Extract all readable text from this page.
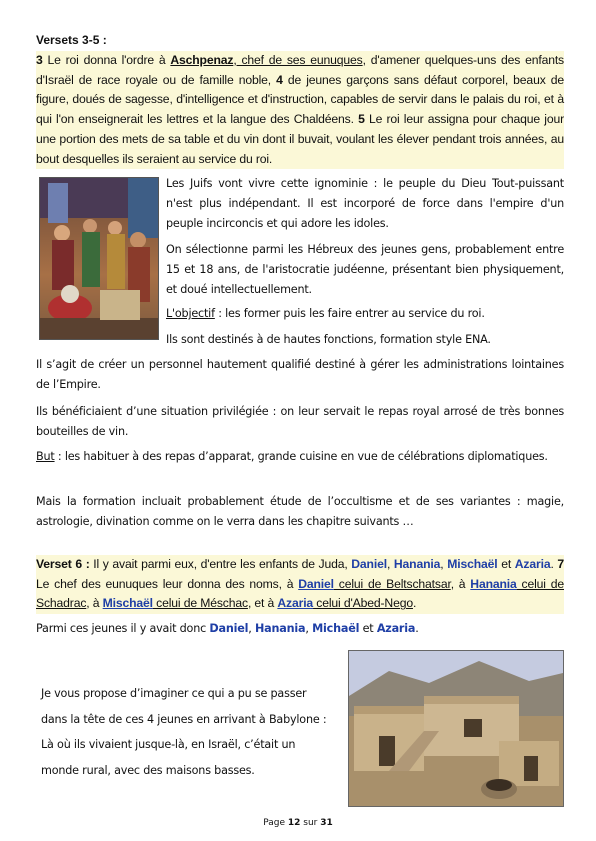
Versets 3-5 :
3 Le roi donna l'ordre à Aschpenaz, chef de ses eunuques, d'amener quelques-uns des enfants d'Israël de race royale ou de famille noble, 4 de jeunes garçons sans défaut corporel, beaux de figure, doués de sagesse, d'intelligence et d'instruction, capables de servir dans le palais du roi, et à qui l'on enseignerait les lettres et la langue des Chaldéens. 5 Le roi leur assigna pour chaque jour une portion des mets de sa table et du vin dont il buvait, voulant les élever pendant trois années, au bout desquelles ils seraient au service du roi.
Les Juifs vont vivre cette ignominie : le peuple du Dieu Tout-puissant n'est plus indépendant. Il est incorporé de force dans l'empire d'un peuple incirconcis et qui adore les idoles.
On sélectionne parmi les Hébreux des jeunes gens, probablement entre 15 et 18 ans, de l'aristocratie judéenne, présentant bien physiquement, et doué intellectuellement.
L'objectif : les former puis les faire entrer au service du roi.
Ils sont destinés à de hautes fonctions, formation style ENA.
Il s’agit de créer un personnel hautement qualifié destiné à gérer les administrations lointaines de l’Empire.
Ils bénéficiaient d’une situation privilégiée : on leur servait le repas royal arrosé de très bonnes bouteilles de vin.
But : les habituer à des repas d’apparat, grande cuisine en vue de célébrations diplomatiques.
Mais la formation incluait probablement étude de l’occultisme et de ses variantes : magie, astrologie, divination comme on le verra dans les chapitre suivants …
Verset 6 : Il y avait parmi eux, d'entre les enfants de Juda, Daniel, Hanania, Mischaël et Azaria. 7 Le chef des eunuques leur donna des noms, à Daniel celui de Beltschatsar, à Hanania celui de Schadrac, à Mischaël celui de Méschac, et à Azaria celui d'Abed-Nego.
Parmi ces jeunes il y avait donc Daniel, Hanania, Michaël et Azaria.
Je vous propose d’imaginer ce qui a pu se passer
dans la tête de ces 4 jeunes en arrivant à Babylone :
Là où ils vivaient jusque-là, en Israël, c’était un
monde rural, avec des maisons basses.
Page 12 sur 31
